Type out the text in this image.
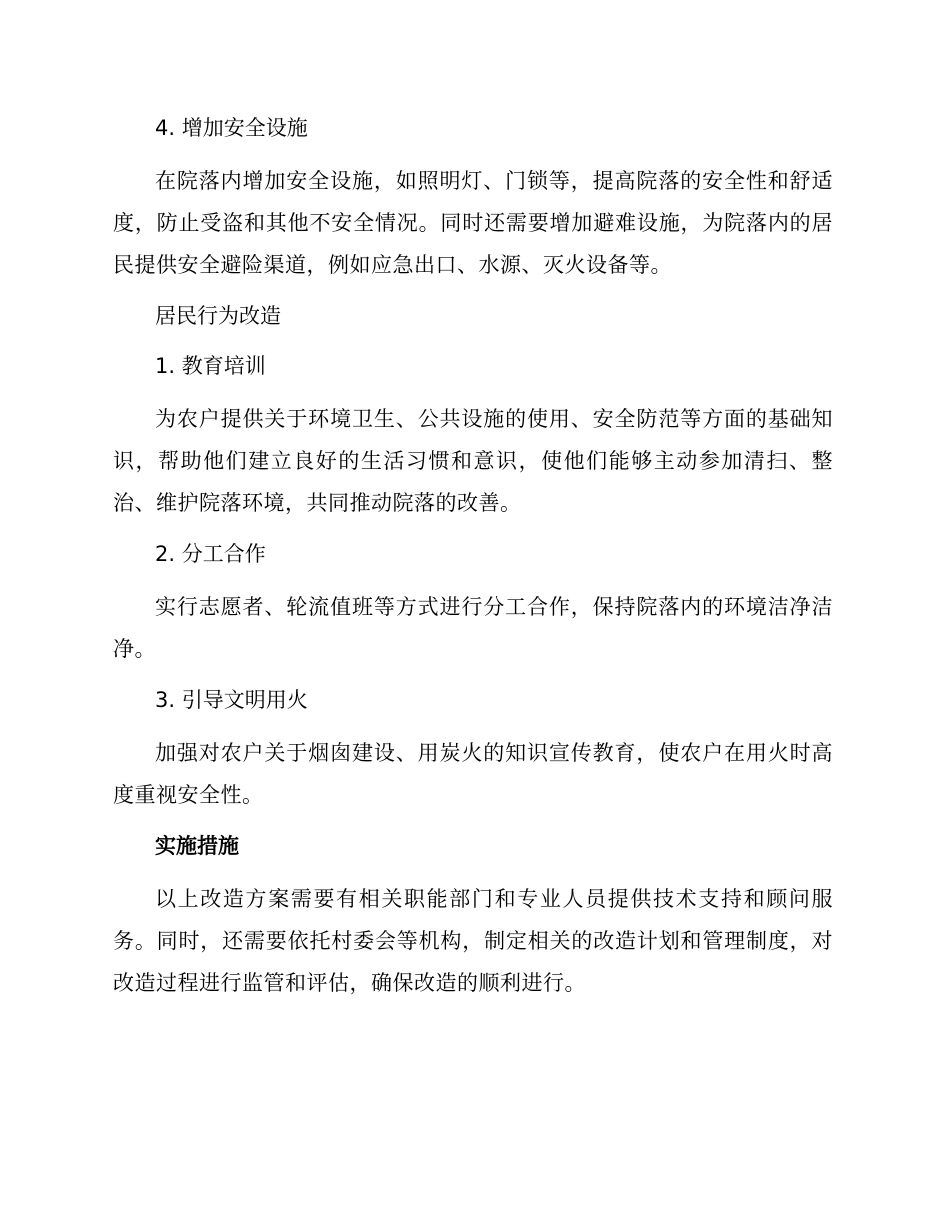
4. 增加安全设施

在院落内增加安全设施，如照明灯、门锁等，提高院落的安全性和舒适度，防止受盗和其他不安全情况。同时还需要增加避难设施，为院落内的居民提供安全避险渠道，例如应急出口、水源、灭火设备等。

居民行为改造
1. 教育培训

为农户提供关于环境卫生、公共设施的使用、安全防范等方面的基础知识，帮助他们建立良好的生活习惯和意识，使他们能够主动参加清扫、整治、维护院落环境，共同推动院落的改善。

2. 分工合作

实行志愿者、轮流值班等方式进行分工合作，保持院落内的环境洁净洁净。

3. 引导文明用火

加强对农户关于烟囱建设、用炭火的知识宣传教育，使农户在用火时高度重视安全性。

实施措施

以上改造方案需要有相关职能部门和专业人员提供技术支持和顾问服务。同时，还需要依托村委会等机构，制定相关的改造计划和管理制度，对改造过程进行监管和评估，确保改造的顺利进行。
